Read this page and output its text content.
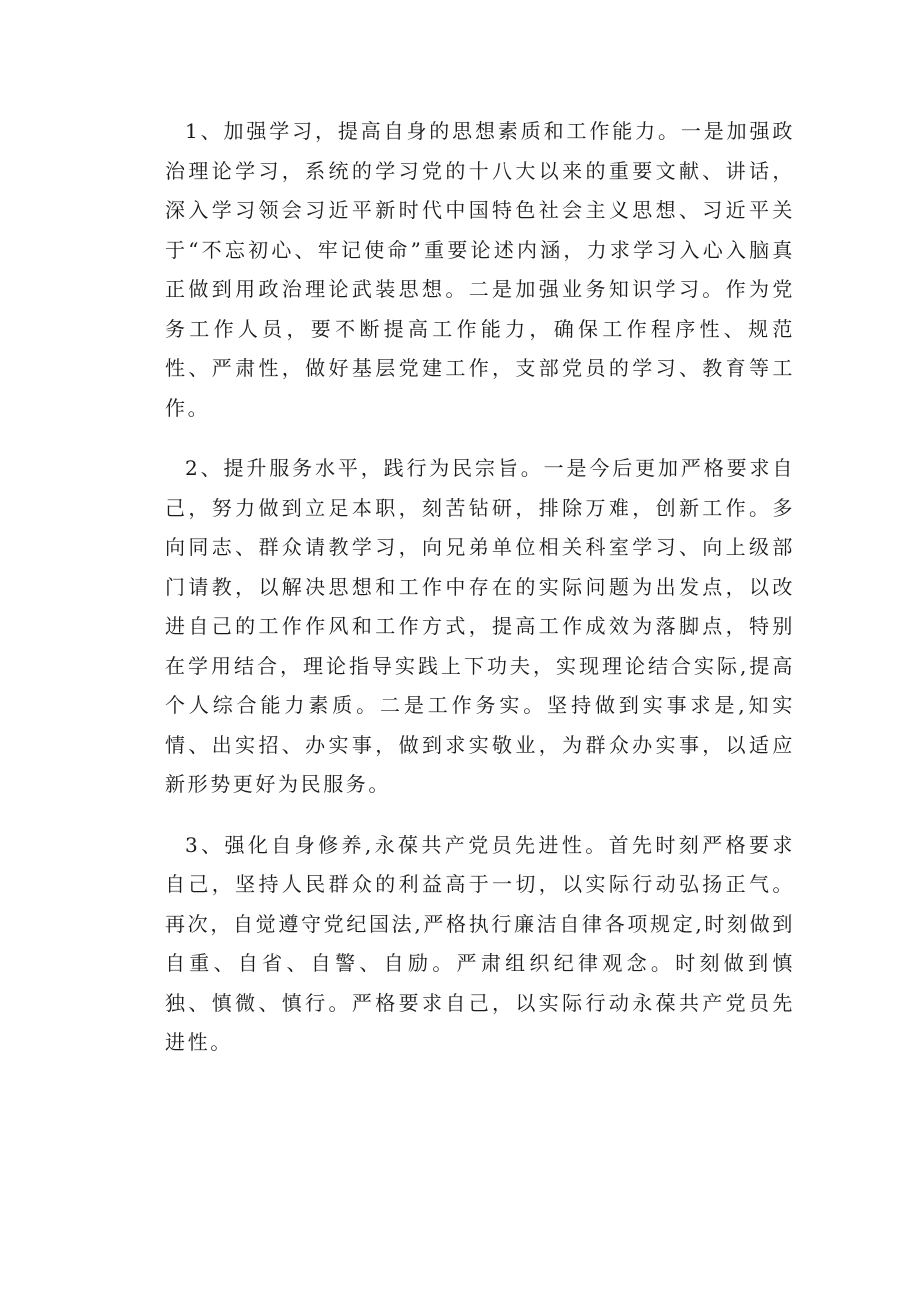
1、加强学习，提高自身的思想素质和工作能力。一是加强政治理论学习，系统的学习党的十八大以来的重要文献、讲话，深入学习领会习近平新时代中国特色社会主义思想、习近平关于“不忘初心、牢记使命”重要论述内涵，力求学习入心入脑真正做到用政治理论武装思想。二是加强业务知识学习。作为党务工作人员，要不断提高工作能力，确保工作程序性、规范性、严肃性，做好基层党建工作，支部党员的学习、教育等工作。

2、提升服务水平，践行为民宗旨。一是今后更加严格要求自己，努力做到立足本职，刻苦钻研，排除万难，创新工作。多向同志、群众请教学习，向兄弟单位相关科室学习、向上级部门请教，以解决思想和工作中存在的实际问题为出发点，以改进自己的工作作风和工作方式，提高工作成效为落脚点，特别在学用结合，理论指导实践上下功夫，实现理论结合实际,提高个人综合能力素质。二是工作务实。坚持做到实事求是,知实情、出实招、办实事，做到求实敬业，为群众办实事，以适应新形势更好为民服务。

3、强化自身修养,永葆共产党员先进性。首先时刻严格要求自己，坚持人民群众的利益高于一切，以实际行动弘扬正气。再次，自觉遵守党纪国法,严格执行廉洁自律各项规定,时刻做到自重、自省、自警、自励。严肃组织纪律观念。时刻做到慎独、慎微、慎行。严格要求自己，以实际行动永葆共产党员先进性。
